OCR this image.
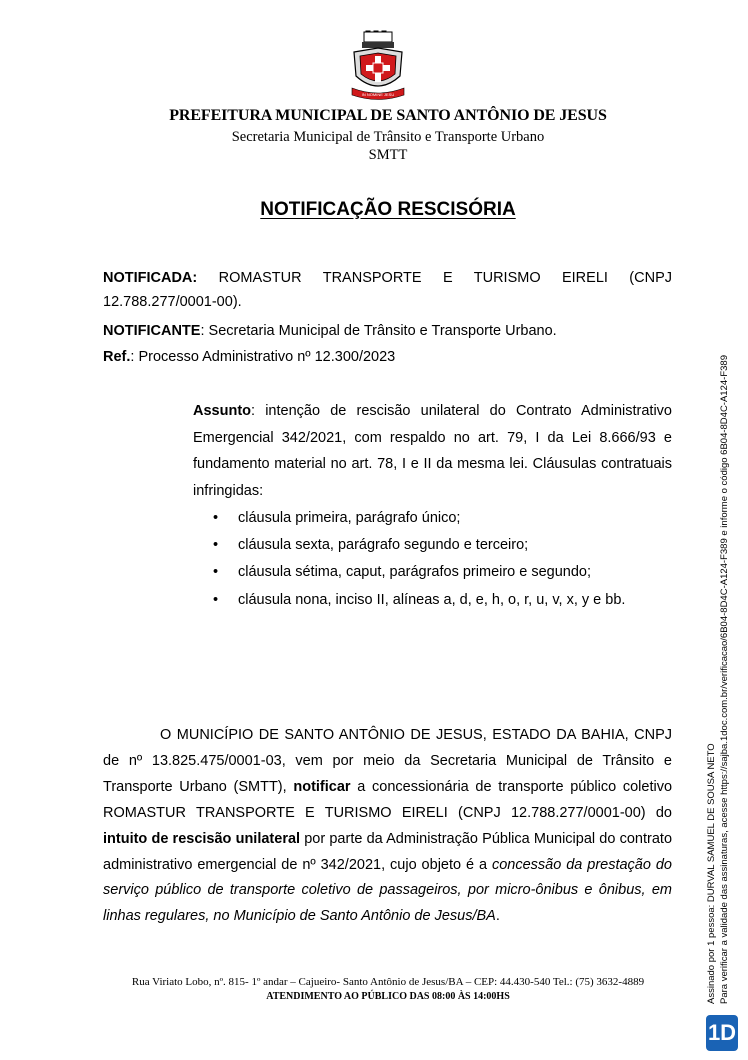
IN NOMINE JESU
PREFEITURA MUNICIPAL DE SANTO ANTÔNIO DE JESUS
Secretaria Municipal de Trânsito e Transporte Urbano
SMTT
NOTIFICAÇÃO RESCISÓRIA
NOTIFICADA: ROMASTUR TRANSPORTE E TURISMO EIRELI (CNPJ
12.788.277/0001-00).
NOTIFICANTE: Secretaria Municipal de Trânsito e Transporte Urbano.
Ref.: Processo Administrativo nº 12.300/2023
Assunto: intenção de rescisão unilateral do Contrato Administrativo Emergencial 342/2021, com respaldo no art. 79, I da Lei 8.666/93 e fundamento material no art. 78, I e II da mesma lei. Cláusulas contratuais infringidas:
• cláusula primeira, parágrafo único;
• cláusula sexta, parágrafo segundo e terceiro;
• cláusula sétima, caput, parágrafos primeiro e segundo;
• cláusula nona, inciso II, alíneas a, d, e, h, o, r, u, v, x, y e bb.
O MUNICÍPIO DE SANTO ANTÔNIO DE JESUS, ESTADO DA BAHIA, CNPJ de nº 13.825.475/0001-03, vem por meio da Secretaria Municipal de Trânsito e Transporte Urbano (SMTT), notificar a concessionária de transporte público coletivo ROMASTUR TRANSPORTE E TURISMO EIRELI (CNPJ 12.788.277/0001-00) do intuito de rescisão unilateral por parte da Administração Pública Municipal do contrato administrativo emergencial de nº 342/2021, cujo objeto é a concessão da prestação do serviço público de transporte coletivo de passageiros, por micro-ônibus e ônibus, em linhas regulares, no Município de Santo Antônio de Jesus/BA.
Rua Viriato Lobo, nº. 815- 1º andar – Cajueiro- Santo Antônio de Jesus/BA – CEP: 44.430-540 Tel.: (75) 3632-4889
ATENDIMENTO AO PÚBLICO DAS 08:00 ÀS 14:00HS	Assinado por 1 pessoa: DURVAL SAMUEL DE SOUSA NETO Para verificar a validade das assinaturas, acesse https://sajba.1doc.com.br/verificacao/6B04-8D4C-A124-F389 e informe o código 6B04-8D4C-A124-F389
1D
